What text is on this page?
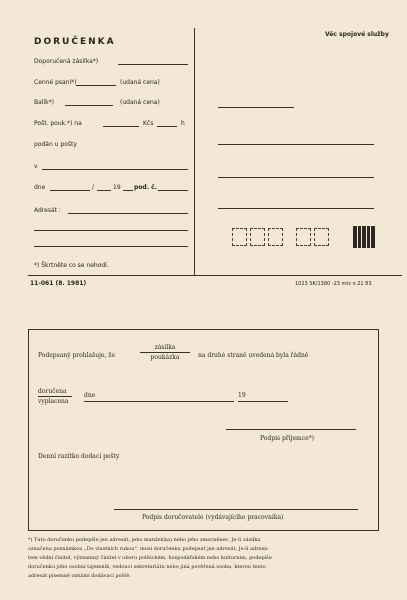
DORUČENKA
Věc spojové služby
Doporučená zásilka*)
Cenné psaní*)	(udaná cena)
Balík*)	(udaná cena)
Pošt. pouk.*) na	Kčs	h
podán u pošty
v
dne	/	19 pod. č.
Adresát :
*) Škrtněte co se nehodí.
11-061 (8. 1981)	1023 SK/1380 -23 mtz o 21 83
Podepsaný prohlašuje, že
zásilka
poukázka	na druhé straně uvedená byla řádně
doručena
vyplacena
dne	19
Podpis příjemce*)
Denní razítko dodací pošty
Podpis doručovatele (vydávajícího pracovníka)
*) Tuto doručenku podepíše jen adresát, jeho manžel(ka) nebo jeho zmocněnec. Je-li zásilka
označena poznámkou „Do vlastních rukou", musí doručenku podepsat jen adresát. Je-li adresá-
tem vědní činitel, významný činitel v oboru politickém, hospodářském nebo kulturním, podepíše
doručenku jeho osobní tajemník, vedoucí sekretariátu nebo jiná pověřená osoba, kterou tento
adresát písemně oznámí dodávací poště.
